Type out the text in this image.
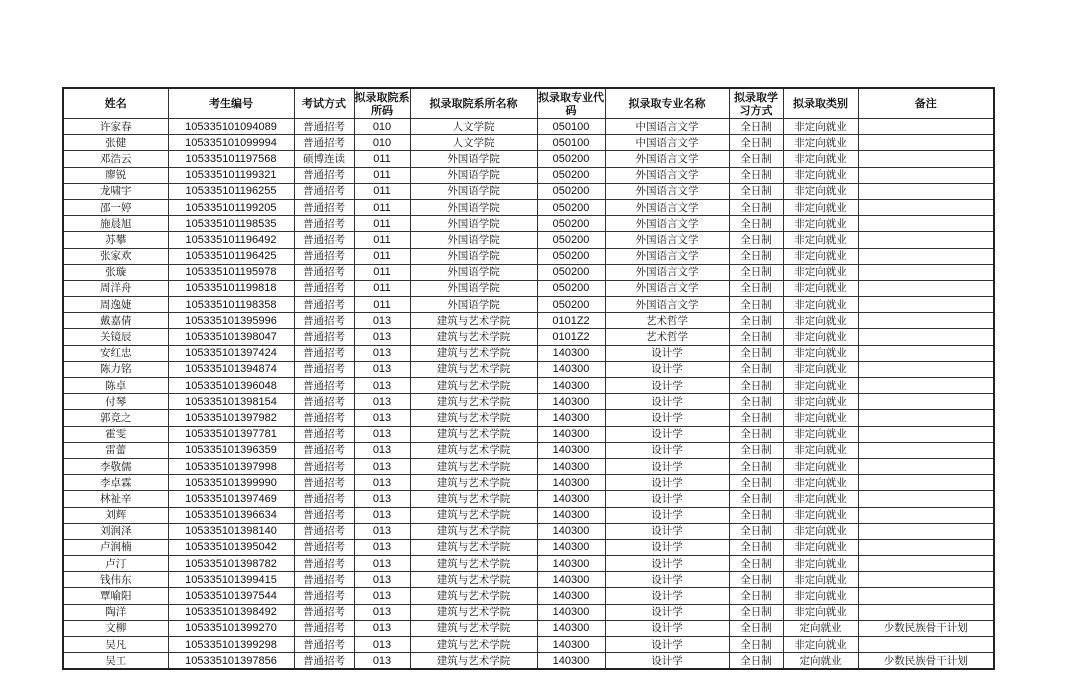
姓名	考生编号	考试方式	拟录取院系所码	拟录取院系所名称	拟录取专业代码	拟录取专业名称	拟录取学习方式	拟录取类别	备注
许家春	105335101094089	普通招考	010	人文学院	050100	中国语言文学	全日制	非定向就业	
张健	105335101099994	普通招考	010	人文学院	050100	中国语言文学	全日制	非定向就业	
邓浩云	105335101197568	硕博连读	011	外国语学院	050200	外国语言文学	全日制	非定向就业	
廖锐	105335101199321	普通招考	011	外国语学院	050200	外国语言文学	全日制	非定向就业	
龙啸宇	105335101196255	普通招考	011	外国语学院	050200	外国语言文学	全日制	非定向就业	
邵一婷	105335101199205	普通招考	011	外国语学院	050200	外国语言文学	全日制	非定向就业	
施晨旭	105335101198535	普通招考	011	外国语学院	050200	外国语言文学	全日制	非定向就业	
苏攀	105335101196492	普通招考	011	外国语学院	050200	外国语言文学	全日制	非定向就业	
张家欢	105335101196425	普通招考	011	外国语学院	050200	外国语言文学	全日制	非定向就业	
张璇	105335101195978	普通招考	011	外国语学院	050200	外国语言文学	全日制	非定向就业	
周洋舟	105335101199818	普通招考	011	外国语学院	050200	外国语言文学	全日制	非定向就业	
周逸婕	105335101198358	普通招考	011	外国语学院	050200	外国语言文学	全日制	非定向就业	
戴嘉倩	105335101395996	普通招考	013	建筑与艺术学院	0101Z2	艺术哲学	全日制	非定向就业	
关镜辰	105335101398047	普通招考	013	建筑与艺术学院	0101Z2	艺术哲学	全日制	非定向就业	
安红忠	105335101397424	普通招考	013	建筑与艺术学院	140300	设计学	全日制	非定向就业	
陈力铭	105335101394874	普通招考	013	建筑与艺术学院	140300	设计学	全日制	非定向就业	
陈卓	105335101396048	普通招考	013	建筑与艺术学院	140300	设计学	全日制	非定向就业	
付琴	105335101398154	普通招考	013	建筑与艺术学院	140300	设计学	全日制	非定向就业	
郭竞之	105335101397982	普通招考	013	建筑与艺术学院	140300	设计学	全日制	非定向就业	
霍雯	105335101397781	普通招考	013	建筑与艺术学院	140300	设计学	全日制	非定向就业	
雷蕾	105335101396359	普通招考	013	建筑与艺术学院	140300	设计学	全日制	非定向就业	
李敬儒	105335101397998	普通招考	013	建筑与艺术学院	140300	设计学	全日制	非定向就业	
李卓霖	105335101399990	普通招考	013	建筑与艺术学院	140300	设计学	全日制	非定向就业	
林祉辛	105335101397469	普通招考	013	建筑与艺术学院	140300	设计学	全日制	非定向就业	
刘辉	105335101396634	普通招考	013	建筑与艺术学院	140300	设计学	全日制	非定向就业	
刘润泽	105335101398140	普通招考	013	建筑与艺术学院	140300	设计学	全日制	非定向就业	
卢润楠	105335101395042	普通招考	013	建筑与艺术学院	140300	设计学	全日制	非定向就业	
卢汀	105335101398782	普通招考	013	建筑与艺术学院	140300	设计学	全日制	非定向就业	
钱伟东	105335101399415	普通招考	013	建筑与艺术学院	140300	设计学	全日制	非定向就业	
覃喻阳	105335101397544	普通招考	013	建筑与艺术学院	140300	设计学	全日制	非定向就业	
陶洋	105335101398492	普通招考	013	建筑与艺术学院	140300	设计学	全日制	非定向就业	
文柳	105335101399270	普通招考	013	建筑与艺术学院	140300	设计学	全日制	定向就业	少数民族骨干计划
吴凡	105335101399298	普通招考	013	建筑与艺术学院	140300	设计学	全日制	非定向就业	
吴工	105335101397856	普通招考	013	建筑与艺术学院	140300	设计学	全日制	定向就业	少数民族骨干计划
